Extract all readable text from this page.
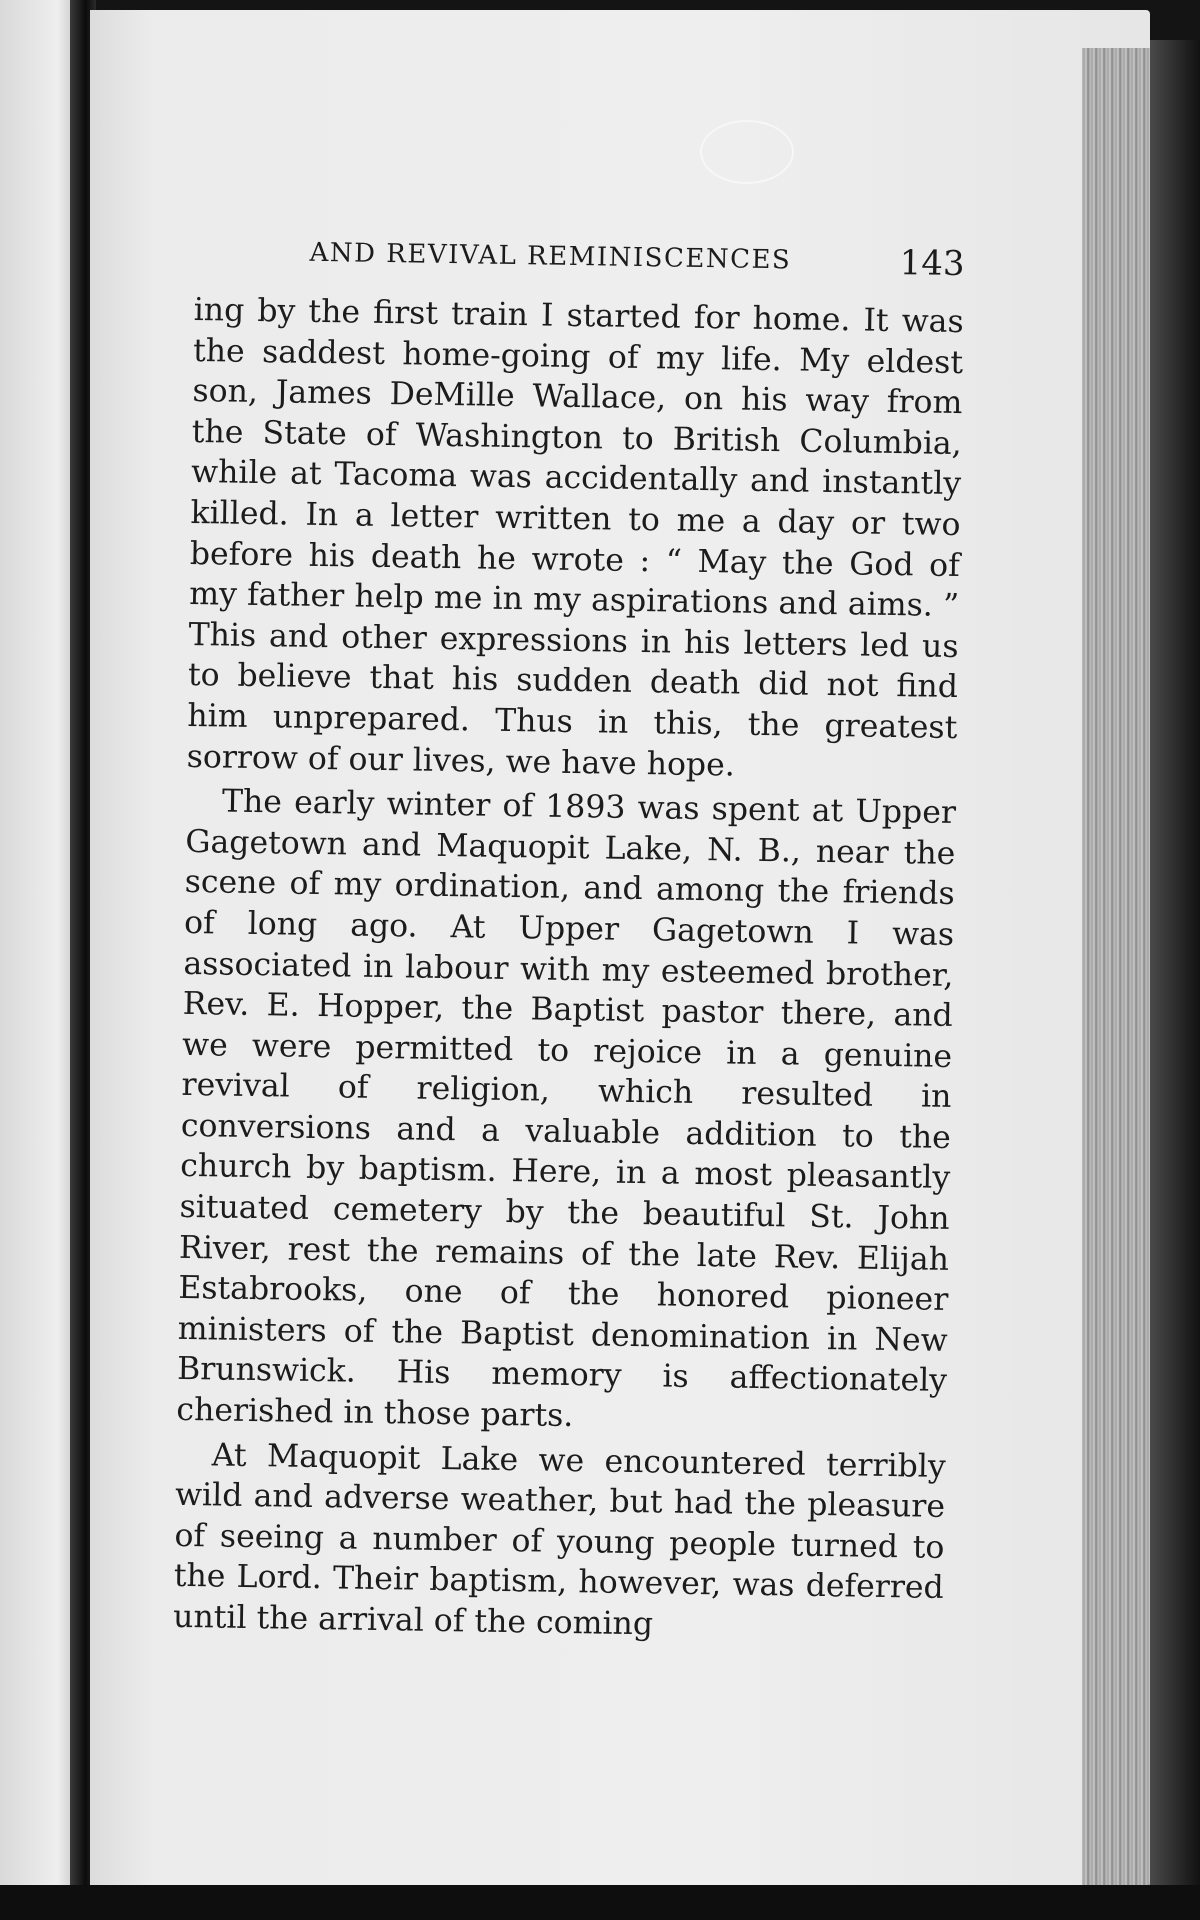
AND REVIVAL REMINISCENCES	143

ing by the first train I started for home. It was the saddest home-going of my life. My eldest son, James DeMille Wallace, on his way from the State of Washington to British Columbia, while at Tacoma was accidentally and instantly killed. In a letter written to me a day or two before his death he wrote : “ May the God of my father help me in my aspirations and aims. ” This and other expressions in his letters led us to believe that his sudden death did not find him unprepared. Thus in this, the greatest sorrow of our lives, we have hope.

The early winter of 1893 was spent at Upper Gagetown and Maquopit Lake, N. B., near the scene of my ordination, and among the friends of long ago. At Upper Gagetown I was associated in labour with my esteemed brother, Rev. E. Hopper, the Baptist pastor there, and we were permitted to rejoice in a genuine revival of religion, which resulted in conversions and a valuable addition to the church by baptism. Here, in a most pleasantly situated cemetery by the beautiful St. John River, rest the remains of the late Rev. Elijah Estabrooks, one of the honored pioneer ministers of the Baptist denomination in New Brunswick. His memory is affectionately cherished in those parts.

At Maquopit Lake we encountered terribly wild and adverse weather, but had the pleasure of seeing a number of young people turned to the Lord. Their baptism, however, was deferred until the arrival of the coming
